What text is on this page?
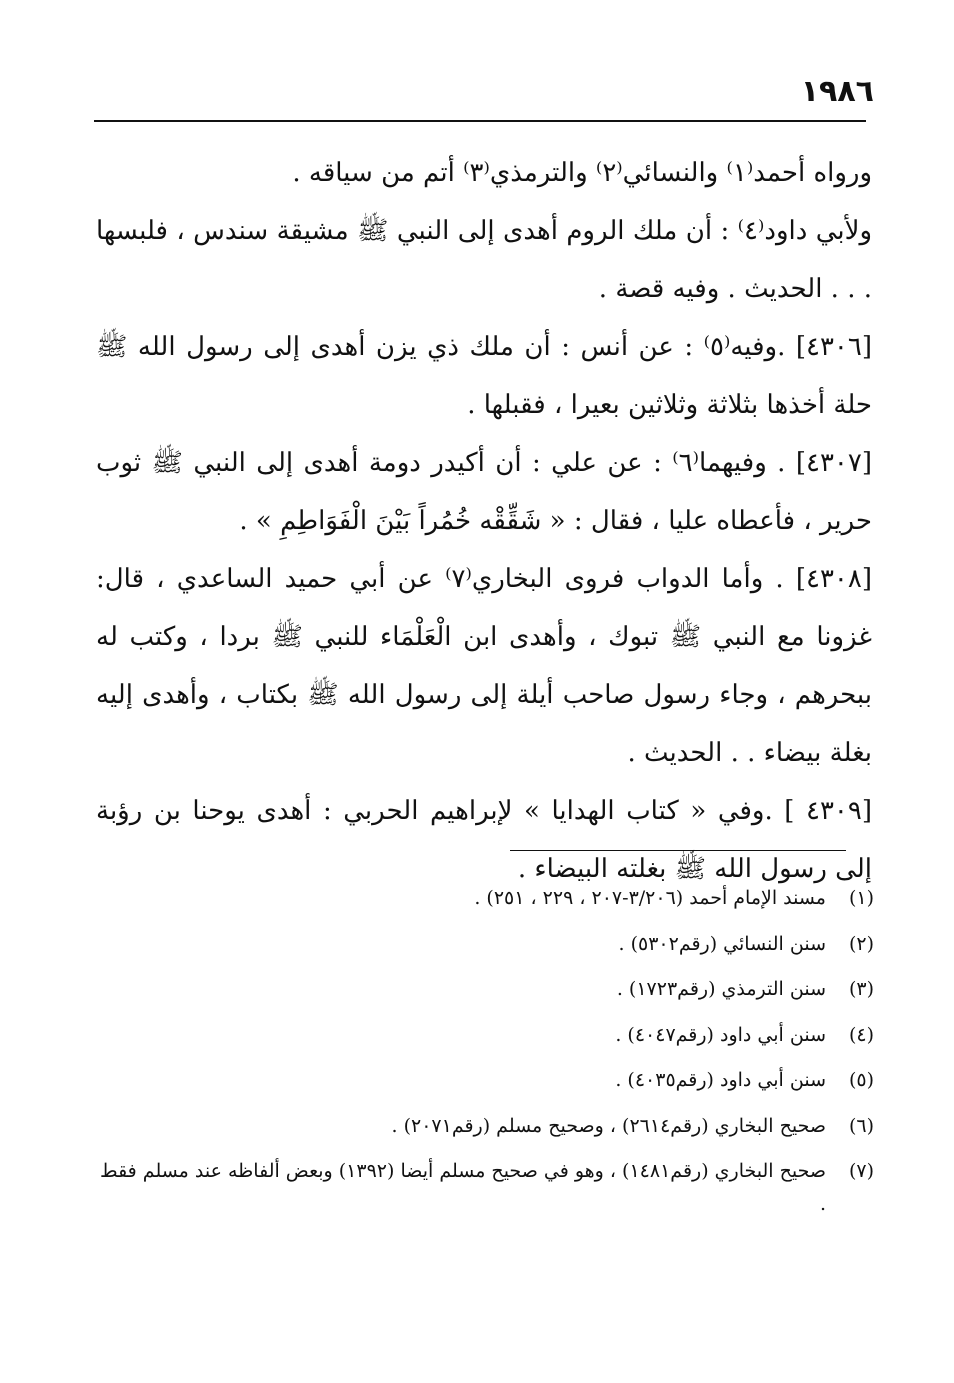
١٩٨٦

ورواه أحمد⁽١⁾ والنسائي⁽٢⁾ والترمذي⁽٣⁾ أتم من سياقه .

ولأبي داود⁽٤⁾ : أن ملك الروم أهدى إلى النبي ﷺ مشيقة سندس ، فلبسها . . . الحديث . وفيه قصة .

[٤٣٠٦] .وفيه⁽٥⁾ : عن أنس : أن ملك ذي يزن أهدى إلى رسول الله ﷺ حلة أخذها بثلاثة وثلاثين بعيرا ، فقبلها .

[٤٣٠٧] . وفيهما⁽٦⁾ : عن علي : أن أكيدر دومة أهدى إلى النبي ﷺ ثوب حرير ، فأعطاه عليا ، فقال : « شَقِّقْه خُمُراً بَيْنَ الْفَوَاطِمِ » .

[٤٣٠٨] . وأما الدواب فروى البخاري⁽٧⁾ عن أبي حميد الساعدي ، قال: غزونا مع النبي ﷺ تبوك ، وأهدى ابن الْعَلْمَاء للنبي ﷺ بردا ، وكتب له ببحرهم ، وجاء رسول صاحب أيلة إلى رسول الله ﷺ بكتاب ، وأهدى إليه بغلة بيضاء . . الحديث .

[٤٣٠٩ ] .وفي « كتاب الهدايا » لإبراهيم الحربي : أهدى يوحنا بن رؤبة إلى رسول الله ﷺ بغلته البيضاء .

(١)
مسند الإمام أحمد (٣/٢٠٦-٢٠٧ ، ٢٢٩ ، ٢٥١) .
(٢)
سنن النسائي (رقم٥٣٠٢) .
(٣)
سنن الترمذي (رقم١٧٢٣) .
(٤)
سنن أبي داود (رقم٤٠٤٧) .
(٥)
سنن أبي داود (رقم٤٠٣٥) .
(٦)
صحيح البخاري (رقم٢٦١٤) ، وصحيح مسلم (رقم٢٠٧١) .
(٧)
صحيح البخاري (رقم١٤٨١) ، وهو في صحيح مسلم أيضا (١٣٩٢) وبعض ألفاظه عند مسلم فقط .
